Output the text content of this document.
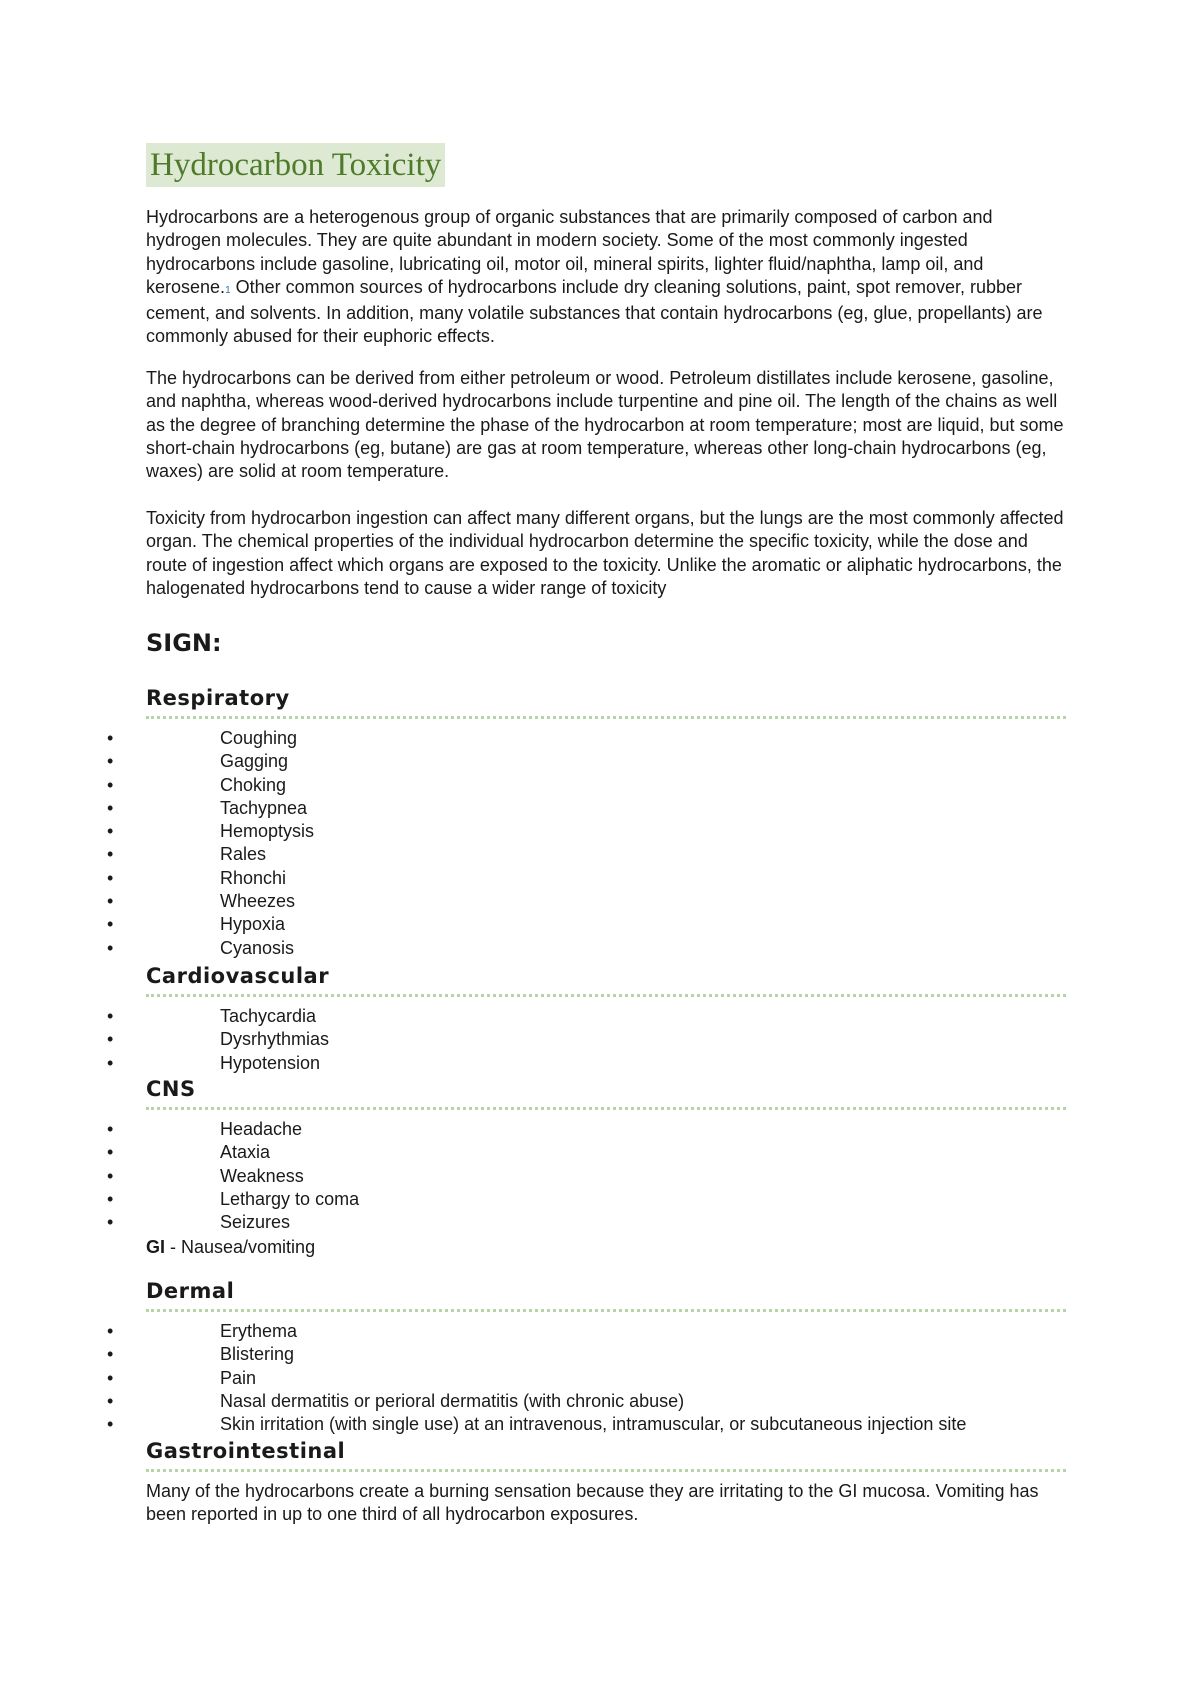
Hydrocarbon Toxicity

Hydrocarbons are a heterogenous group of organic substances that are primarily composed of carbon and hydrogen molecules. They are quite abundant in modern society. Some of the most commonly ingested hydrocarbons include gasoline, lubricating oil, motor oil, mineral spirits, lighter fluid/naphtha, lamp oil, and kerosene.1 Other common sources of hydrocarbons include dry cleaning solutions, paint, spot remover, rubber cement, and solvents. In addition, many volatile substances that contain hydrocarbons (eg, glue, propellants) are commonly abused for their euphoric effects.

The hydrocarbons can be derived from either petroleum or wood. Petroleum distillates include kerosene, gasoline, and naphtha, whereas wood-derived hydrocarbons include turpentine and pine oil. The length of the chains as well as the degree of branching determine the phase of the hydrocarbon at room temperature; most are liquid, but some short-chain hydrocarbons (eg, butane) are gas at room temperature, whereas other long-chain hydrocarbons (eg, waxes) are solid at room temperature.

Toxicity from hydrocarbon ingestion can affect many different organs, but the lungs are the most commonly affected organ. The chemical properties of the individual hydrocarbon determine the specific toxicity, while the dose and route of ingestion affect which organs are exposed to the toxicity. Unlike the aromatic or aliphatic hydrocarbons, the halogenated hydrocarbons tend to cause a wider range of toxicity

SIGN:
Respiratory
•	Coughing
•	Gagging
•	Choking
•	Tachypnea
•	Hemoptysis
•	Rales
•	Rhonchi
•	Wheezes
•	Hypoxia
•	Cyanosis
Cardiovascular
•	Tachycardia
•	Dysrhythmias
•	Hypotension
CNS
•	Headache
•	Ataxia
•	Weakness
•	Lethargy to coma
•	Seizures

GI - Nausea/vomiting

Dermal
•	Erythema
•	Blistering
•	Pain
•	Nasal dermatitis or perioral dermatitis (with chronic abuse)
•	Skin irritation (with single use) at an intravenous, intramuscular, or subcutaneous injection site
Gastrointestinal

Many of the hydrocarbons create a burning sensation because they are irritating to the GI mucosa. Vomiting has been reported in up to one third of all hydrocarbon exposures.
